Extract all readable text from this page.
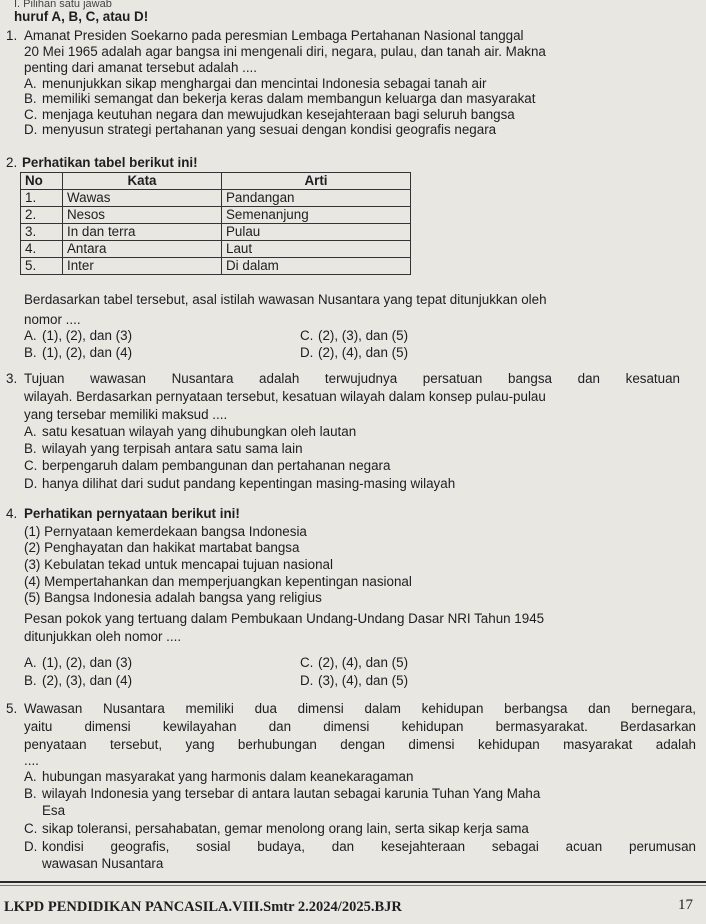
I. Pilihan satu jawab
huruf A, B, C, atau D!
1. Amanat Presiden Soekarno pada peresmian Lembaga Pertahanan Nasional tanggal
20 Mei 1965 adalah agar bangsa ini mengenali diri, negara, pulau, dan tanah air. Makna
penting dari amanat tersebut adalah ....
A. menunjukkan sikap menghargai dan mencintai Indonesia sebagai tanah air
B. memiliki semangat dan bekerja keras dalam membangun keluarga dan masyarakat
C. menjaga keutuhan negara dan mewujudkan kesejahteraan bagi seluruh bangsa
D. menyusun strategi pertahanan yang sesuai dengan kondisi geografis negara
2. Perhatikan tabel berikut ini!
No	Kata	Arti
1.	Wawas	Pandangan
2.	Nesos	Semenanjung
3.	In dan terra	Pulau
4.	Antara	Laut
5.	Inter	Di dalam
Berdasarkan tabel tersebut, asal istilah wawasan Nusantara yang tepat ditunjukkan oleh
nomor ....
A. (1), (2), dan (3)
B. (1), (2), dan (4)
C. (2), (3), dan (5)
D. (2), (4), dan (5)
3. Tujuan wawasan Nusantara adalah terwujudnya persatuan bangsa dan kesatuan
wilayah. Berdasarkan pernyataan tersebut, kesatuan wilayah dalam konsep pulau-pulau
yang tersebar memiliki maksud ....
A. satu kesatuan wilayah yang dihubungkan oleh lautan
B. wilayah yang terpisah antara satu sama lain
C. berpengaruh dalam pembangunan dan pertahanan negara
D. hanya dilihat dari sudut pandang kepentingan masing-masing wilayah
4. Perhatikan pernyataan berikut ini!
(1) Pernyataan kemerdekaan bangsa Indonesia
(2) Penghayatan dan hakikat martabat bangsa
(3) Kebulatan tekad untuk mencapai tujuan nasional
(4) Mempertahankan dan memperjuangkan kepentingan nasional
(5) Bangsa Indonesia adalah bangsa yang religius
Pesan pokok yang tertuang dalam Pembukaan Undang-Undang Dasar NRI Tahun 1945
ditunjukkan oleh nomor ....
A. (1), (2), dan (3)
B. (2), (3), dan (4)
C. (2), (4), dan (5)
D. (3), (4), dan (5)
5. Wawasan Nusantara memiliki dua dimensi dalam kehidupan berbangsa dan bernegara,
yaitu dimensi kewilayahan dan dimensi kehidupan bermasyarakat. Berdasarkan
penyataan tersebut, yang berhubungan dengan dimensi kehidupan masyarakat adalah
....
A. hubungan masyarakat yang harmonis dalam keanekaragaman
B. wilayah Indonesia yang tersebar di antara lautan sebagai karunia Tuhan Yang Maha
Esa
C. sikap toleransi, persahabatan, gemar menolong orang lain, serta sikap kerja sama
D. kondisi geografis, sosial budaya, dan kesejahteraan sebagai acuan perumusan
wawasan Nusantara
LKPD PENDIDIKAN PANCASILA.VIII.Smtr 2.2024/2025.BJR	17
